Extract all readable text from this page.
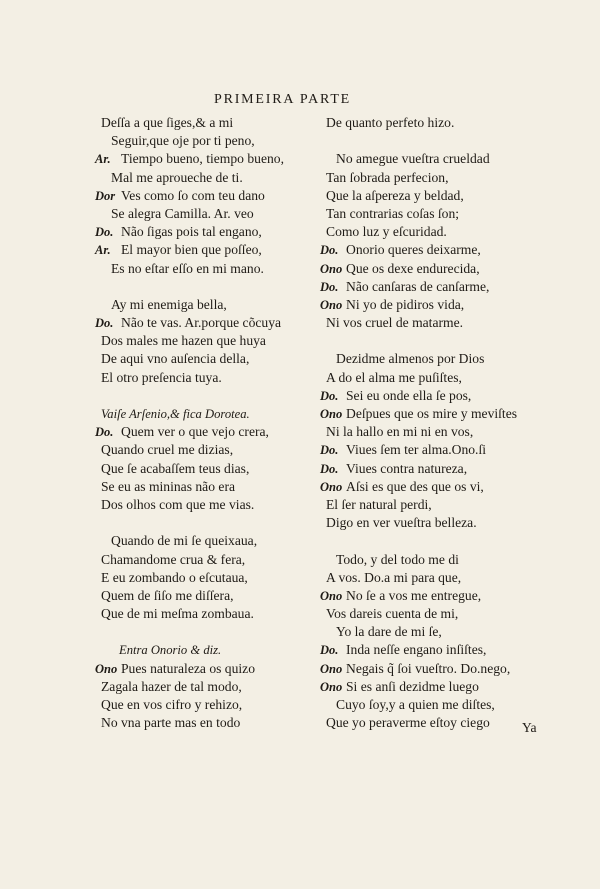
PRIMEIRA PARTE
Deſſa a que ſiges,& a mi
Seguir,que oje por ti peno,
Ar. Tiempo bueno, tiempo bueno,
Mal me aproueche de ti.
Dor Ves como ſo com teu dano
Se alegra Camilla. Ar. veo
Do. Não ſigas pois tal engano,
Ar. El mayor bien que poſſeo,
Es no eſtar eſſo en mi mano.
Ay mi enemiga bella,
Do. Não te vas. Ar.porque cõcuya
Dos males me hazen que huya
De aqui vno auſencia della,
El otro preſencia tuya.
Vaiſe Arſenio,& fica Dorotea.
Do. Quem ver o que vejo crera,
Quando cruel me dizias,
Que ſe acabaſſem teus dias,
Se eu as mininas não era
Dos olhos com que me vias.
Quando de mi ſe queixaua,
Chamandome crua & fera,
E eu zombando o eſcutaua,
Quem de ſiſo me diſſera,
Que de mi meſma zombaua.
Entra Onorio & diz.
Ono Pues naturaleza os quizo
Zagala hazer de tal modo,
Que en vos cifro y rehizo,
No vna parte mas en todo
De quanto perfeto hizo.
No amegue vueſtra crueldad
Tan ſobrada perfecion,
Que la aſpereza y beldad,
Tan contrarias coſas ſon;
Como luz y eſcuridad.
Do. Onorio queres deixarme,
Ono Que os dexe endurecida,
Do. Não canſaras de canſarme,
Ono Ni yo de pidiros vida,
Ni vos cruel de matarme.
Dezidme almenos por Dios
A do el alma me puſiſtes,
Do. Sei eu onde ella ſe pos,
Ono Deſpues que os mire y meviſtes
Ni la hallo en mi ni en vos,
Do. Viues ſem ter alma.Ono.ſi
Do. Viues contra natureza,
Ono Aſsi es que des que os vi,
El ſer natural perdi,
Digo en ver vueſtra belleza.
Todo, y del todo me di
A vos. Do.a mi para que,
Ono No ſe a vos me entregue,
Vos dareis cuenta de mi,
Yo la dare de mi ſe,
Do. Inda neſſe engano inſiſtes,
Ono Negais q̃ ſoi vueſtro. Do.nego,
Ono Si es anſi dezidme luego
Cuyo ſoy,y a quien me diſtes,
Que yo peraverme eſtoy ciego Ya
